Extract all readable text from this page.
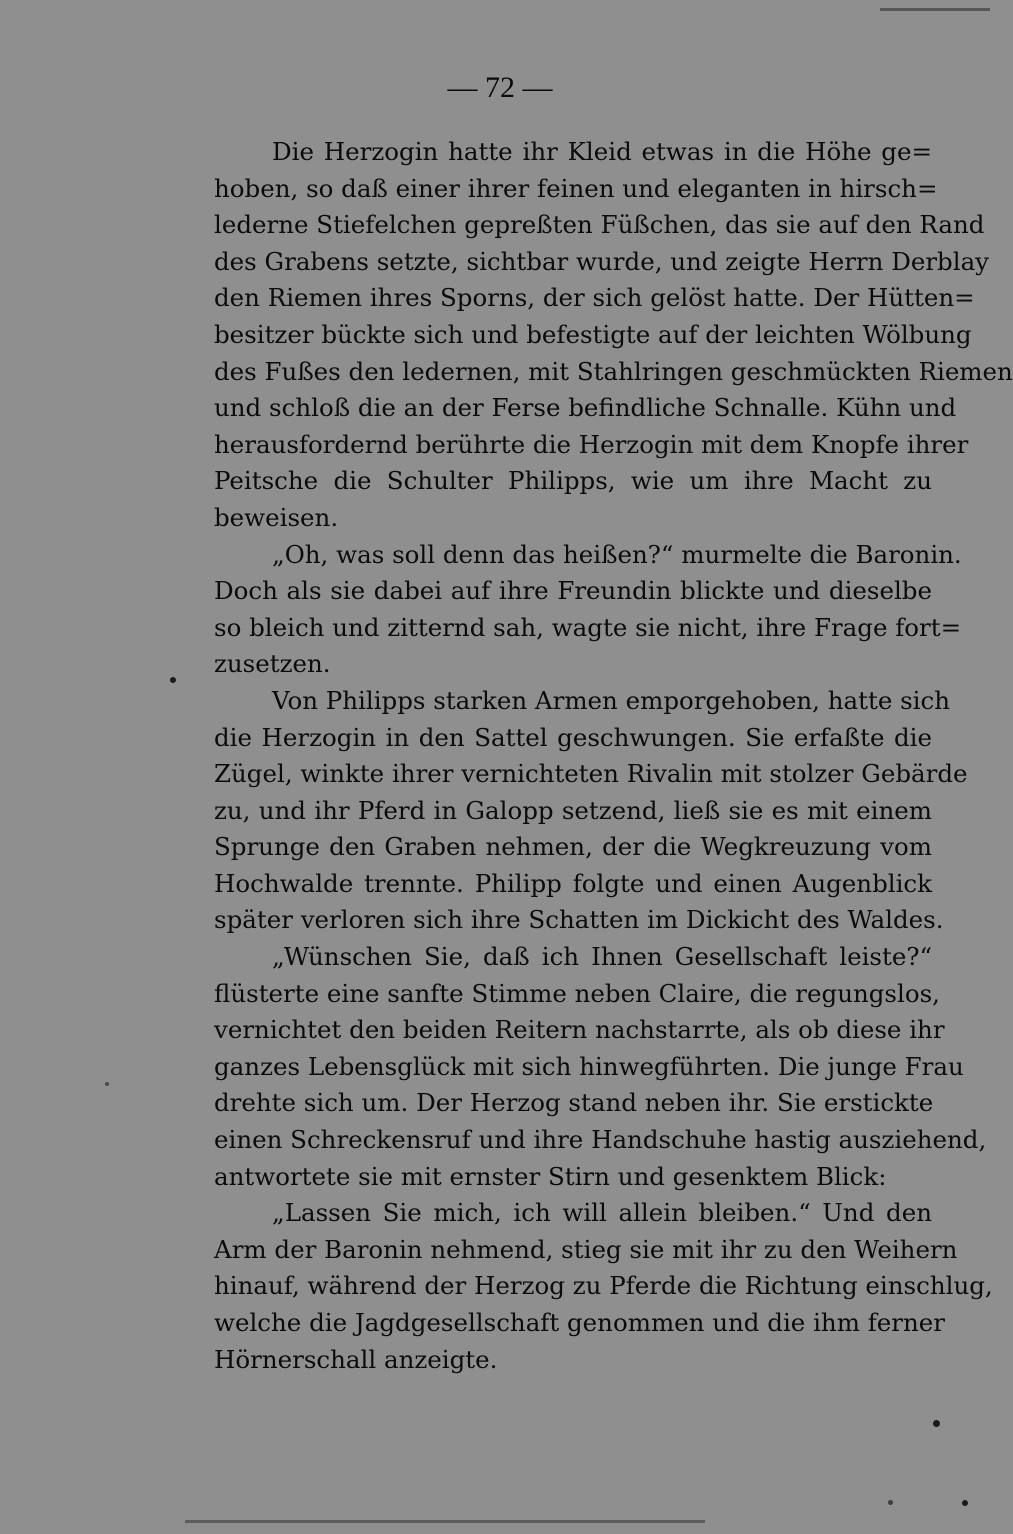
— 72 —
Die Herzogin hatte ihr Kleid etwas in die Höhe ge=
hoben, so daß einer ihrer feinen und eleganten in hirsch=
lederne Stiefelchen gepreßten Füßchen, das sie auf den Rand
des Grabens setzte, sichtbar wurde, und zeigte Herrn Derblay
den Riemen ihres Sporns, der sich gelöst hatte. Der Hütten=
besitzer bückte sich und befestigte auf der leichten Wölbung
des Fußes den ledernen, mit Stahlringen geschmückten Riemen
und schloß die an der Ferse befindliche Schnalle. Kühn und
herausfordernd berührte die Herzogin mit dem Knopfe ihrer
Peitsche die Schulter Philipps, wie um ihre Macht zu
beweisen.
„Oh, was soll denn das heißen?“ murmelte die Baronin.
Doch als sie dabei auf ihre Freundin blickte und dieselbe
so bleich und zitternd sah, wagte sie nicht, ihre Frage fort=
zusetzen.
Von Philipps starken Armen emporgehoben, hatte sich
die Herzogin in den Sattel geschwungen. Sie erfaßte die
Zügel, winkte ihrer vernichteten Rivalin mit stolzer Gebärde
zu, und ihr Pferd in Galopp setzend, ließ sie es mit einem
Sprunge den Graben nehmen, der die Wegkreuzung vom
Hochwalde trennte. Philipp folgte und einen Augenblick
später verloren sich ihre Schatten im Dickicht des Waldes.
„Wünschen Sie, daß ich Ihnen Gesellschaft leiste?“
flüsterte eine sanfte Stimme neben Claire, die regungslos,
vernichtet den beiden Reitern nachstarrte, als ob diese ihr
ganzes Lebensglück mit sich hinwegführten. Die junge Frau
drehte sich um. Der Herzog stand neben ihr. Sie erstickte
einen Schreckensruf und ihre Handschuhe hastig ausziehend,
antwortete sie mit ernster Stirn und gesenktem Blick:
„Lassen Sie mich, ich will allein bleiben.“ Und den
Arm der Baronin nehmend, stieg sie mit ihr zu den Weihern
hinauf, während der Herzog zu Pferde die Richtung einschlug,
welche die Jagdgesellschaft genommen und die ihm ferner
Hörnerschall anzeigte.
